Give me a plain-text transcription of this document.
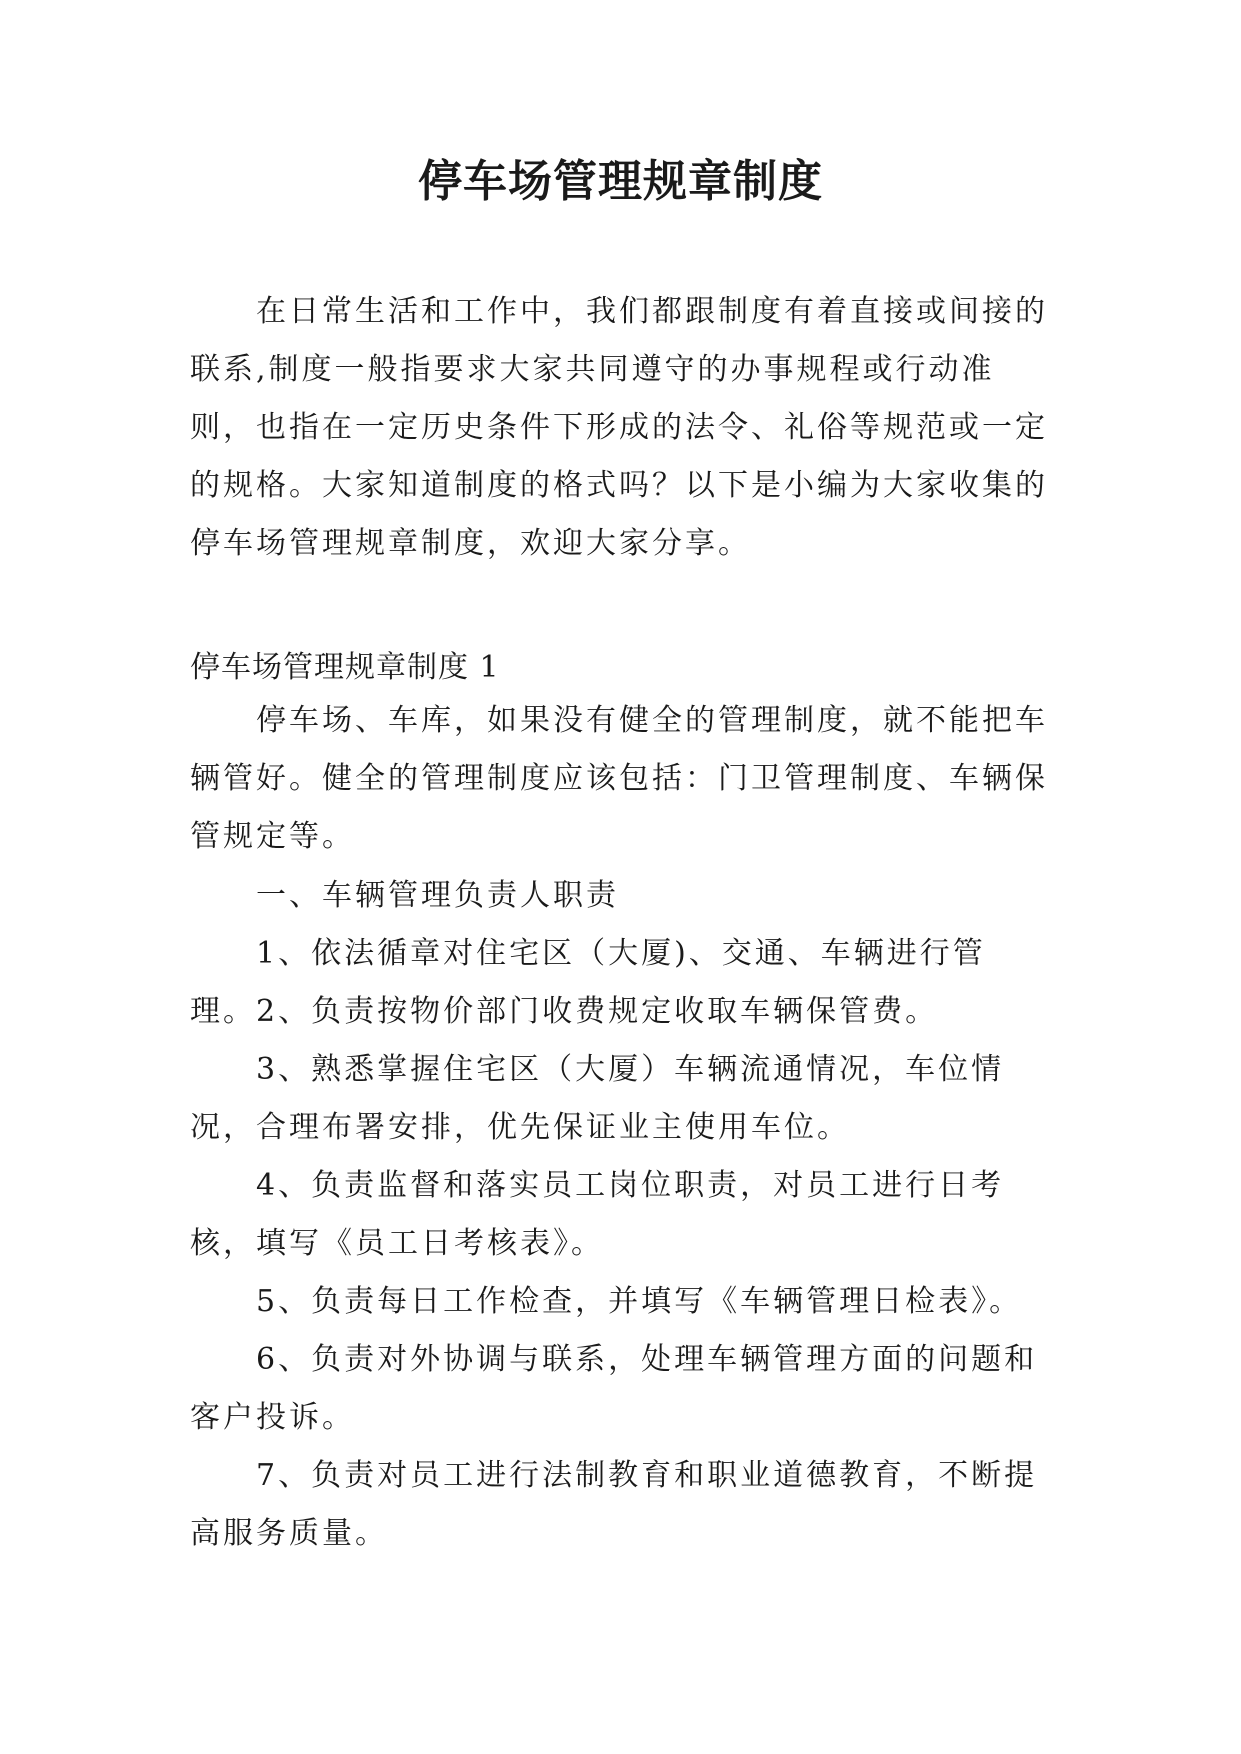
停车场管理规章制度

在日常生活和工作中，我们都跟制度有着直接或间接的联系,制度一般指要求大家共同遵守的办事规程或行动准则，也指在一定历史条件下形成的法令、礼俗等规范或一定的规格。大家知道制度的格式吗？以下是小编为大家收集的停车场管理规章制度，欢迎大家分享。

停车场管理规章制度 1

停车场、车库，如果没有健全的管理制度，就不能把车辆管好。健全的管理制度应该包括：门卫管理制度、车辆保管规定等。

一、车辆管理负责人职责

1、依法循章对住宅区（大厦)、交通、车辆进行管理。 2、负责按物价部门收费规定收取车辆保管费。

3、熟悉掌握住宅区（大厦）车辆流通情况，车位情况，合理布署安排，优先保证业主使用车位。

4、负责监督和落实员工岗位职责，对员工进行日考核，填写《员工日考核表》。

5、负责每日工作检查，并填写《车辆管理日检表》。

6、负责对外协调与联系，处理车辆管理方面的问题和客户投诉。

7、负责对员工进行法制教育和职业道德教育，不断提高服务质量。
